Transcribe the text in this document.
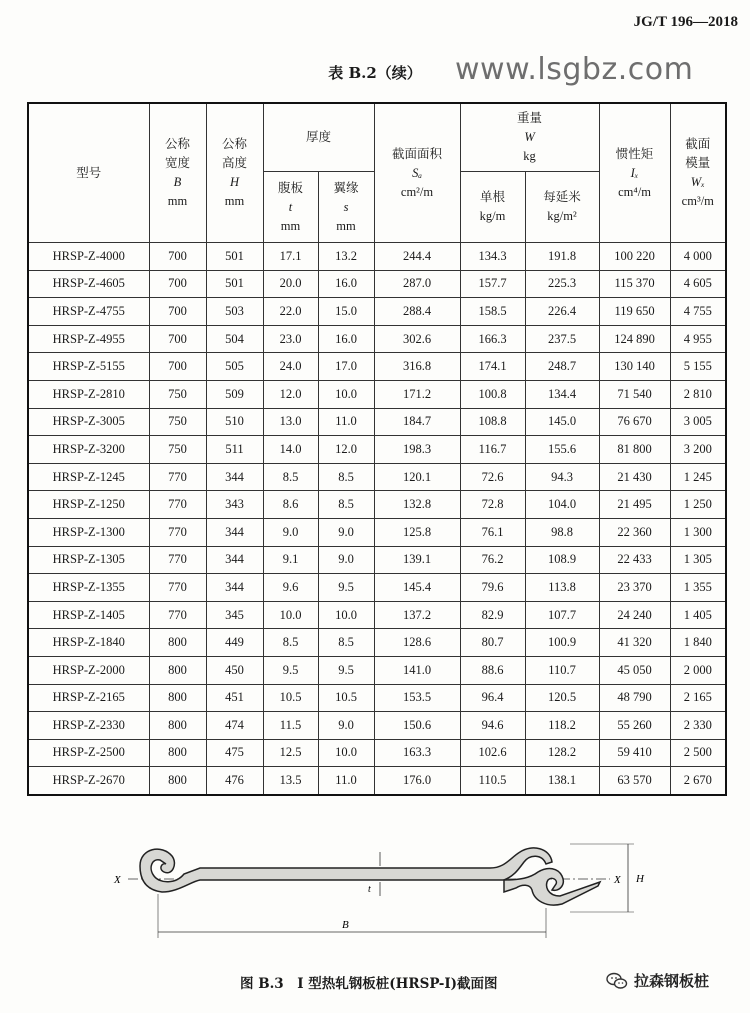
JG/T 196—2018
表 B.2（续）	www.lsgbz.com
型号	公称
宽度
B
mm	公称
高度
H
mm	厚度		截面面积
Sₐ
cm²/m	重量
W
kg		惯性矩
Iₓ
cm⁴/m	截面
模量
Wₓ
cm³/m

			腹板
t
mm	翼缘
s
mm		单根
kg/m	每延米
kg/m²		

HRSP-Z-4000	700	501	17.1	13.2	244.4	134.3	191.8	100 220	4 000
HRSP-Z-4605	700	501	20.0	16.0	287.0	157.7	225.3	115 370	4 605
HRSP-Z-4755	700	503	22.0	15.0	288.4	158.5	226.4	119 650	4 755
HRSP-Z-4955	700	504	23.0	16.0	302.6	166.3	237.5	124 890	4 955
HRSP-Z-5155	700	505	24.0	17.0	316.8	174.1	248.7	130 140	5 155
HRSP-Z-2810	750	509	12.0	10.0	171.2	100.8	134.4	71 540	2 810
HRSP-Z-3005	750	510	13.0	11.0	184.7	108.8	145.0	76 670	3 005
HRSP-Z-3200	750	511	14.0	12.0	198.3	116.7	155.6	81 800	3 200
HRSP-Z-1245	770	344	8.5	8.5	120.1	72.6	94.3	21 430	1 245
HRSP-Z-1250	770	343	8.6	8.5	132.8	72.8	104.0	21 495	1 250
HRSP-Z-1300	770	344	9.0	9.0	125.8	76.1	98.8	22 360	1 300
HRSP-Z-1305	770	344	9.1	9.0	139.1	76.2	108.9	22 433	1 305
HRSP-Z-1355	770	344	9.6	9.5	145.4	79.6	113.8	23 370	1 355
HRSP-Z-1405	770	345	10.0	10.0	137.2	82.9	107.7	24 240	1 405
HRSP-Z-1840	800	449	8.5	8.5	128.6	80.7	100.9	41 320	1 840
HRSP-Z-2000	800	450	9.5	9.5	141.0	88.6	110.7	45 050	2 000
HRSP-Z-2165	800	451	10.5	10.5	153.5	96.4	120.5	48 790	2 165
HRSP-Z-2330	800	474	11.5	9.0	150.6	94.6	118.2	55 260	2 330
HRSP-Z-2500	800	475	12.5	10.0	163.3	102.6	128.2	59 410	2 500
HRSP-Z-2670	800	476	13.5	11.0	176.0	110.5	138.1	63 570	2 670
t
X	X H
B
图 B.3　I 型热轧钢板桩(HRSP-I)截面图	拉森钢板桩
